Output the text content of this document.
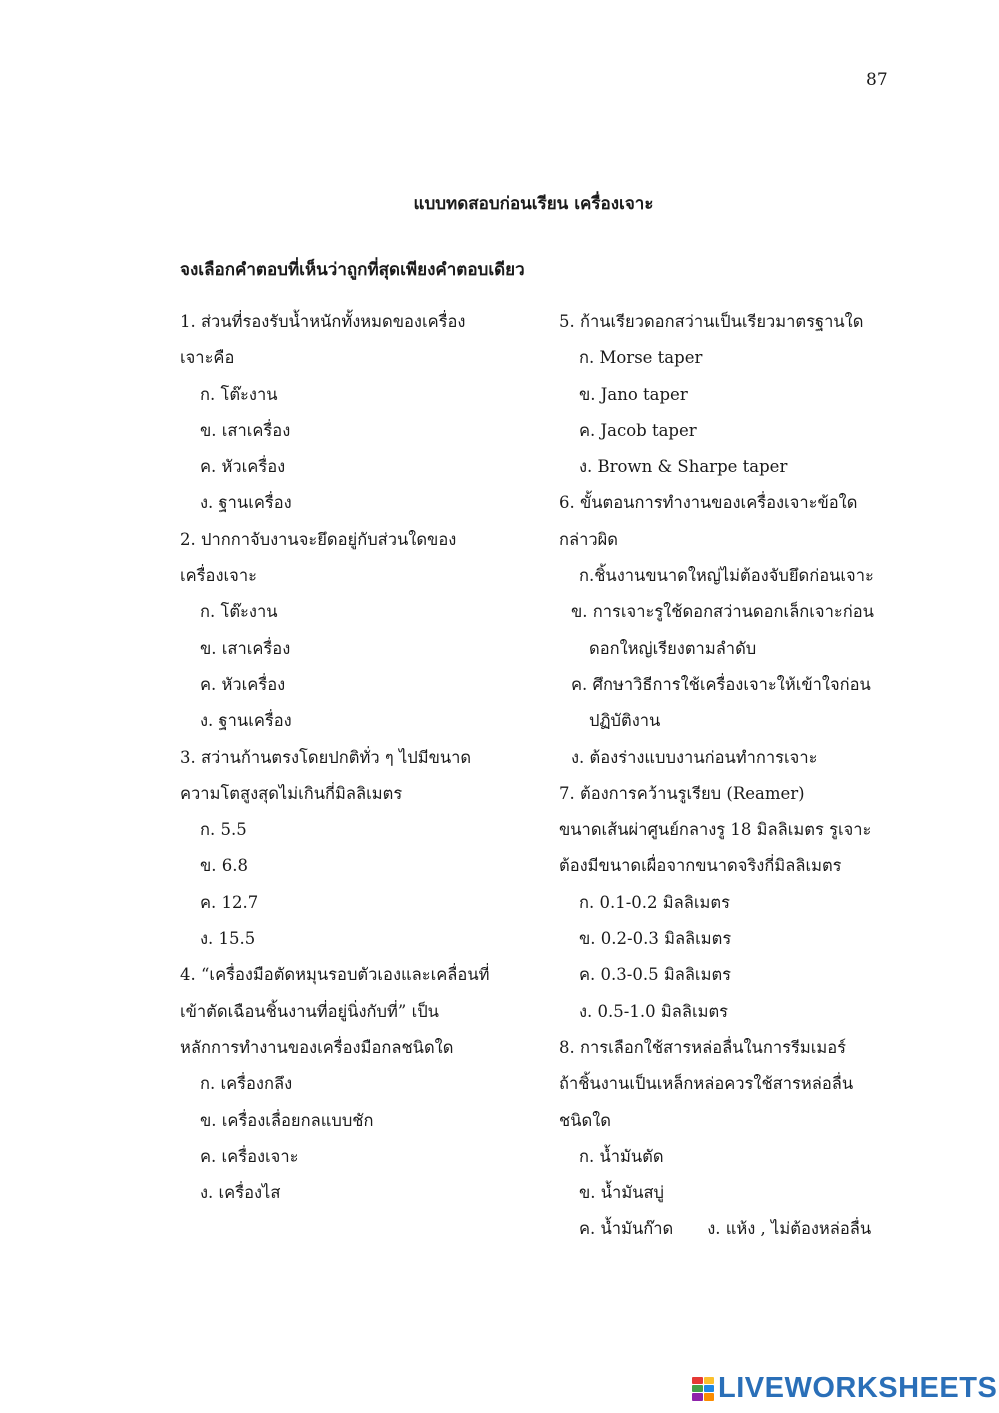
87
แบบทดสอบก่อนเรียน เครื่องเจาะ
จงเลือกคำตอบที่เห็นว่าถูกที่สุดเพียงคำตอบเดียว
1. ส่วนที่รองรับน้ำหนักทั้งหมดของเครื่อง
เจาะคือ
ก. โต๊ะงาน
ข. เสาเครื่อง
ค. หัวเครื่อง
ง. ฐานเครื่อง
2. ปากกาจับงานจะยึดอยู่กับส่วนใดของ
เครื่องเจาะ
ก. โต๊ะงาน
ข. เสาเครื่อง
ค. หัวเครื่อง
ง. ฐานเครื่อง
3. สว่านก้านตรงโดยปกติทั่ว ๆ ไปมีขนาด
ความโตสูงสุดไม่เกินกี่มิลลิเมตร
ก. 5.5
ข. 6.8
ค. 12.7
ง. 15.5
4. “เครื่องมือตัดหมุนรอบตัวเองและเคลื่อนที่
เข้าตัดเฉือนชิ้นงานที่อยู่นิ่งกับที่” เป็น
หลักการทำงานของเครื่องมือกลชนิดใด
ก. เครื่องกลึง
ข. เครื่องเลื่อยกลแบบชัก
ค. เครื่องเจาะ
ง. เครื่องไส
5. ก้านเรียวดอกสว่านเป็นเรียวมาตรฐานใด
ก. Morse taper
ข. Jano taper
ค. Jacob taper
ง. Brown & Sharpe taper
6. ขั้นตอนการทำงานของเครื่องเจาะข้อใด
กล่าวผิด
ก.ชิ้นงานขนาดใหญ่ไม่ต้องจับยึดก่อนเจาะ
ข. การเจาะรูใช้ดอกสว่านดอกเล็กเจาะก่อน
ดอกใหญ่เรียงตามลำดับ
ค. ศึกษาวิธีการใช้เครื่องเจาะให้เข้าใจก่อน
ปฏิบัติงาน
ง. ต้องร่างแบบงานก่อนทำการเจาะ
7. ต้องการคว้านรูเรียบ (Reamer)
ขนาดเส้นผ่าศูนย์กลางรู 18 มิลลิเมตร รูเจาะ
ต้องมีขนาดเผื่อจากขนาดจริงกี่มิลลิเมตร
ก. 0.1-0.2 มิลลิเมตร
ข. 0.2-0.3 มิลลิเมตร
ค. 0.3-0.5 มิลลิเมตร
ง. 0.5-1.0 มิลลิเมตร
8. การเลือกใช้สารหล่อลื่นในการรีมเมอร์
ถ้าชิ้นงานเป็นเหล็กหล่อควรใช้สารหล่อลื่น
ชนิดใด
ก. น้ำมันตัด
ข. น้ำมันสบู่
ค. น้ำมันก๊าด ง. แห้ง , ไม่ต้องหล่อลื่น
LIVEWORKSHEETS
